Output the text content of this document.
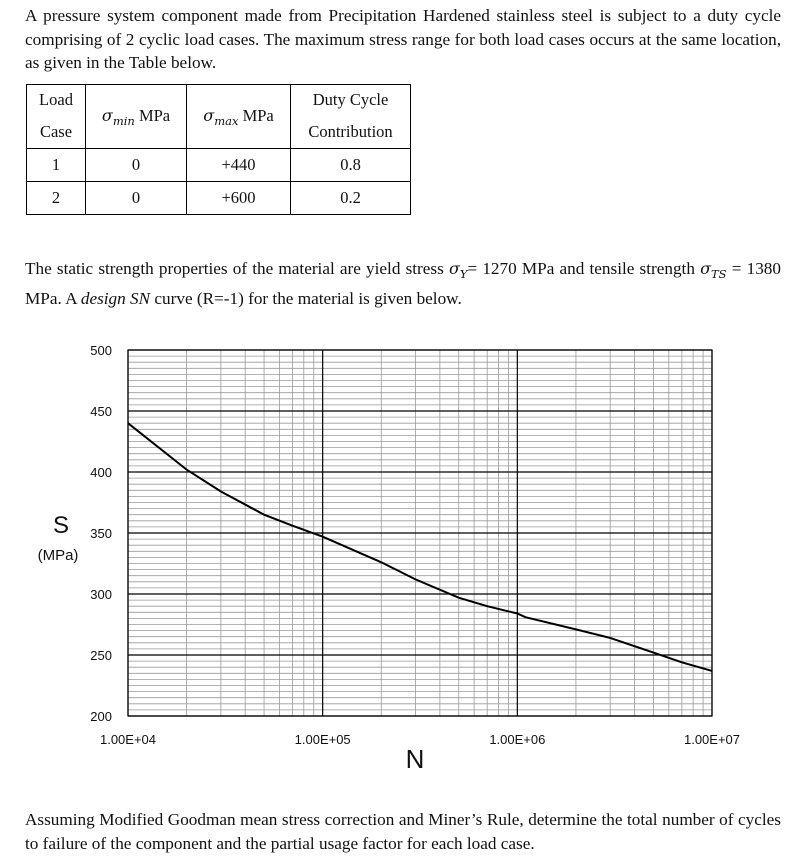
A pressure system component made from Precipitation Hardened stainless steel is subject to a duty cycle comprising of 2 cyclic load cases. The maximum stress range for both load cases occurs at the same location, as given in the Table below.

Load	$\sigma_{min}$ MPa	$\sigma_{max}$ MPa	Duty Cycle
Case			Contribution
1	0	+440	0.8
2	0	+600	0.2

The static strength properties of the material are yield stress $\sigma_Y= 1270$ MPa and tensile strength $\sigma_{TS} = 1380$ MPa. A design SN curve (R=-1) for the material is given below.

200
250
300
350
400
450
500
1.00E+04	1.00E+05	1.00E+06	1.00E+07
S
(MPa)
N

Assuming Modified Goodman mean stress correction and Miner’s Rule, determine the total number of cycles to failure of the component and the partial usage factor for each load case.
